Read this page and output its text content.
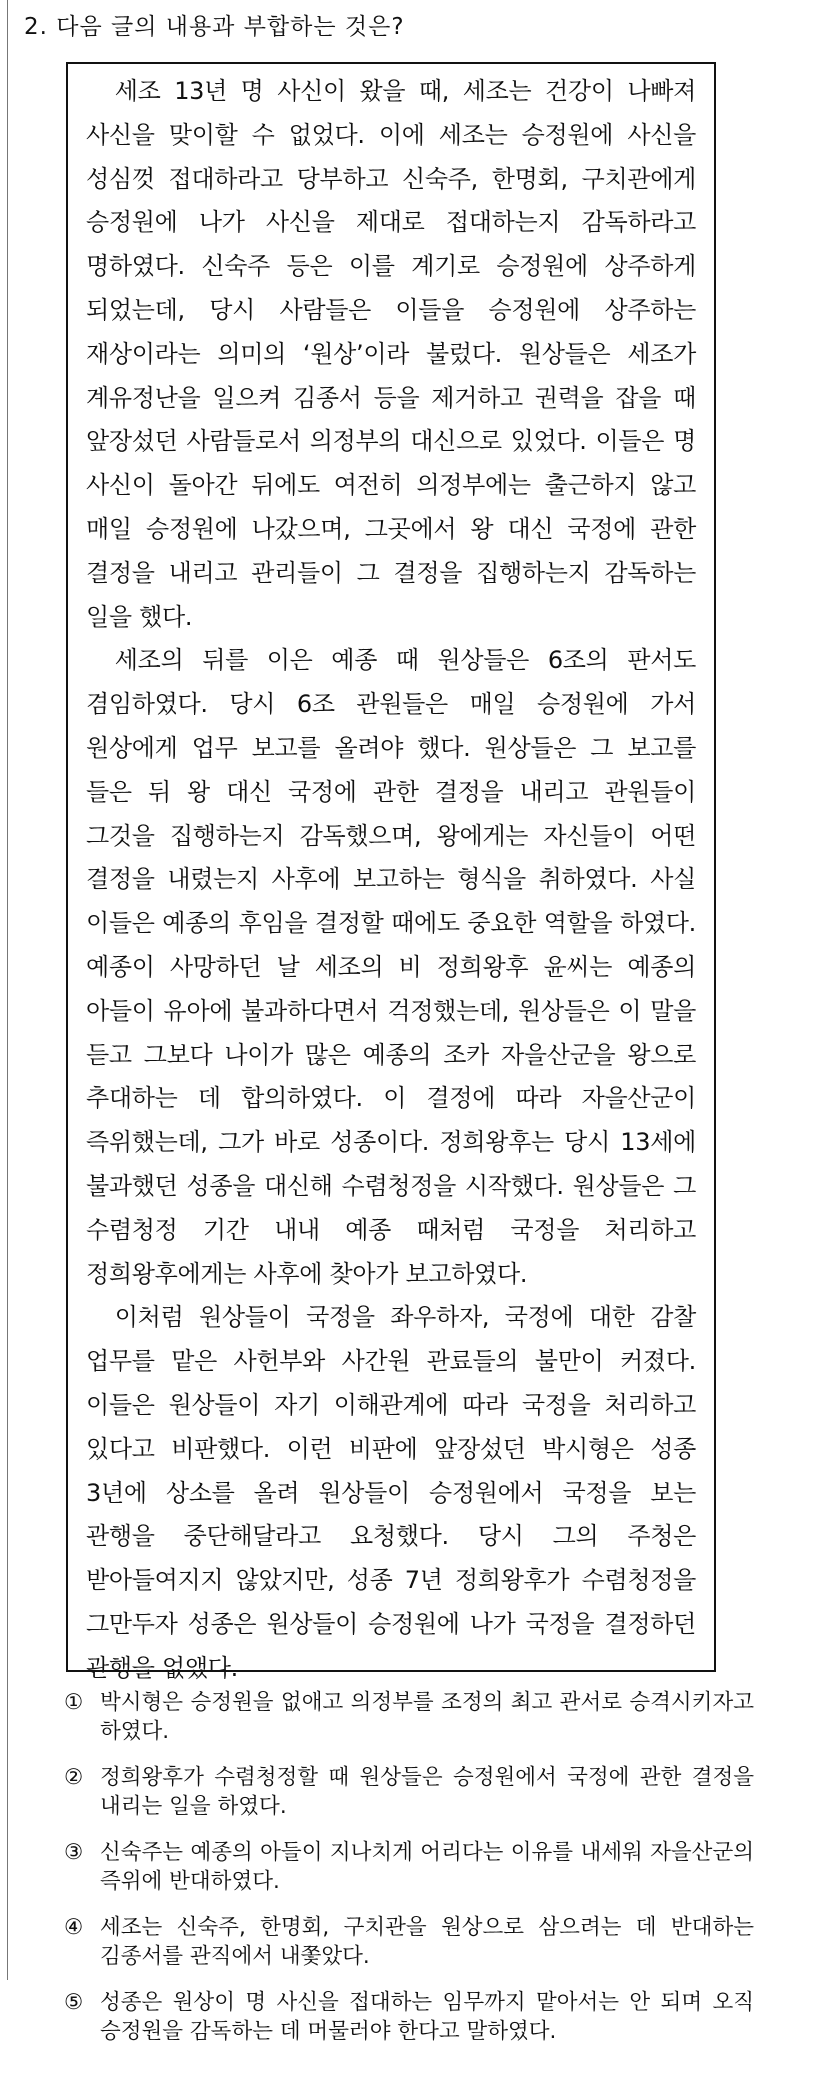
2. 다음 글의 내용과 부합하는 것은?

세조 13년 명 사신이 왔을 때, 세조는 건강이 나빠져 사신을 맞이할 수 없었다. 이에 세조는 승정원에 사신을 성심껏 접대하라고 당부하고 신숙주, 한명회, 구치관에게 승정원에 나가 사신을 제대로 접대하는지 감독하라고 명하였다. 신숙주 등은 이를 계기로 승정원에 상주하게 되었는데, 당시 사람들은 이들을 승정원에 상주하는 재상이라는 의미의 ‘원상’이라 불렀다. 원상들은 세조가 계유정난을 일으켜 김종서 등을 제거하고 권력을 잡을 때 앞장섰던 사람들로서 의정부의 대신으로 있었다. 이들은 명 사신이 돌아간 뒤에도 여전히 의정부에는 출근하지 않고 매일 승정원에 나갔으며, 그곳에서 왕 대신 국정에 관한 결정을 내리고 관리들이 그 결정을 집행하는지 감독하는 일을 했다.

세조의 뒤를 이은 예종 때 원상들은 6조의 판서도 겸임하였다. 당시 6조 관원들은 매일 승정원에 가서 원상에게 업무 보고를 올려야 했다. 원상들은 그 보고를 들은 뒤 왕 대신 국정에 관한 결정을 내리고 관원들이 그것을 집행하는지 감독했으며, 왕에게는 자신들이 어떤 결정을 내렸는지 사후에 보고하는 형식을 취하였다. 사실 이들은 예종의 후임을 결정할 때에도 중요한 역할을 하였다. 예종이 사망하던 날 세조의 비 정희왕후 윤씨는 예종의 아들이 유아에 불과하다면서 걱정했는데, 원상들은 이 말을 듣고 그보다 나이가 많은 예종의 조카 자을산군을 왕으로 추대하는 데 합의하였다. 이 결정에 따라 자을산군이 즉위했는데, 그가 바로 성종이다. 정희왕후는 당시 13세에 불과했던 성종을 대신해 수렴청정을 시작했다. 원상들은 그 수렴청정 기간 내내 예종 때처럼 국정을 처리하고 정희왕후에게는 사후에 찾아가 보고하였다.

이처럼 원상들이 국정을 좌우하자, 국정에 대한 감찰 업무를 맡은 사헌부와 사간원 관료들의 불만이 커졌다. 이들은 원상들이 자기 이해관계에 따라 국정을 처리하고 있다고 비판했다. 이런 비판에 앞장섰던 박시형은 성종 3년에 상소를 올려 원상들이 승정원에서 국정을 보는 관행을 중단해달라고 요청했다. 당시 그의 주청은 받아들여지지 않았지만, 성종 7년 정희왕후가 수렴청정을 그만두자 성종은 원상들이 승정원에 나가 국정을 결정하던 관행을 없앴다.

① 박시형은 승정원을 없애고 의정부를 조정의 최고 관서로 승격시키자고 하였다.
② 정희왕후가 수렴청정할 때 원상들은 승정원에서 국정에 관한 결정을 내리는 일을 하였다.
③ 신숙주는 예종의 아들이 지나치게 어리다는 이유를 내세워 자을산군의 즉위에 반대하였다.
④ 세조는 신숙주, 한명회, 구치관을 원상으로 삼으려는 데 반대하는 김종서를 관직에서 내쫓았다.
⑤ 성종은 원상이 명 사신을 접대하는 임무까지 맡아서는 안 되며 오직 승정원을 감독하는 데 머물러야 한다고 말하였다.
